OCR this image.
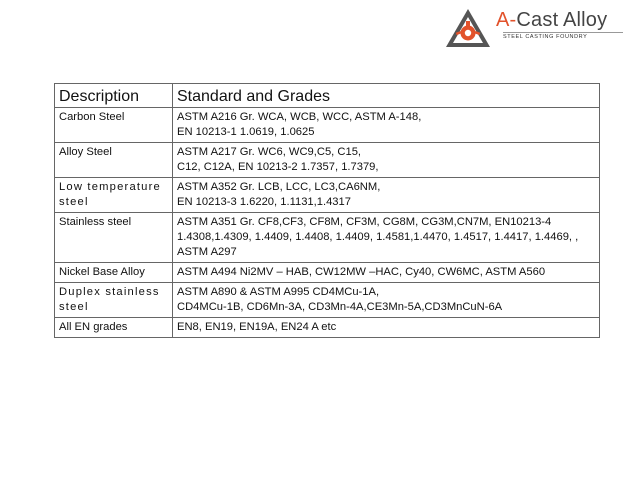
A-Cast Alloy
STEEL CASTING FOUNDRY
Description	Standard and Grades
Carbon Steel	ASTM A216 Gr. WCA, WCB, WCC, ASTM A-148,
EN 10213-1 1.0619, 1.0625
Alloy Steel	ASTM A217 Gr. WC6, WC9,C5, C15,
C12, C12A, EN 10213-2 1.7357, 1.7379,
Low temperature steel	ASTM A352 Gr. LCB, LCC, LC3,CA6NM,
EN 10213-3 1.6220, 1.1131,1.4317
Stainless steel	ASTM A351 Gr. CF8,CF3, CF8M, CF3M, CG8M, CG3M,CN7M, EN10213-4 1.4308,1.4309, 1.4409, 1.4408, 1.4409, 1.4581,1.4470, 1.4517, 1.4417, 1.4469, , ASTM A297
Nickel Base Alloy	ASTM A494 Ni2MV – HAB, CW12MW –HAC, Cy40, CW6MC, ASTM A560
Duplex stainless steel	ASTM A890 & ASTM A995 CD4MCu-1A,
CD4MCu-1B, CD6Mn-3A, CD3Mn-4A,CE3Mn-5A,CD3MnCuN-6A
All EN grades	EN8, EN19, EN19A, EN24 A etc
